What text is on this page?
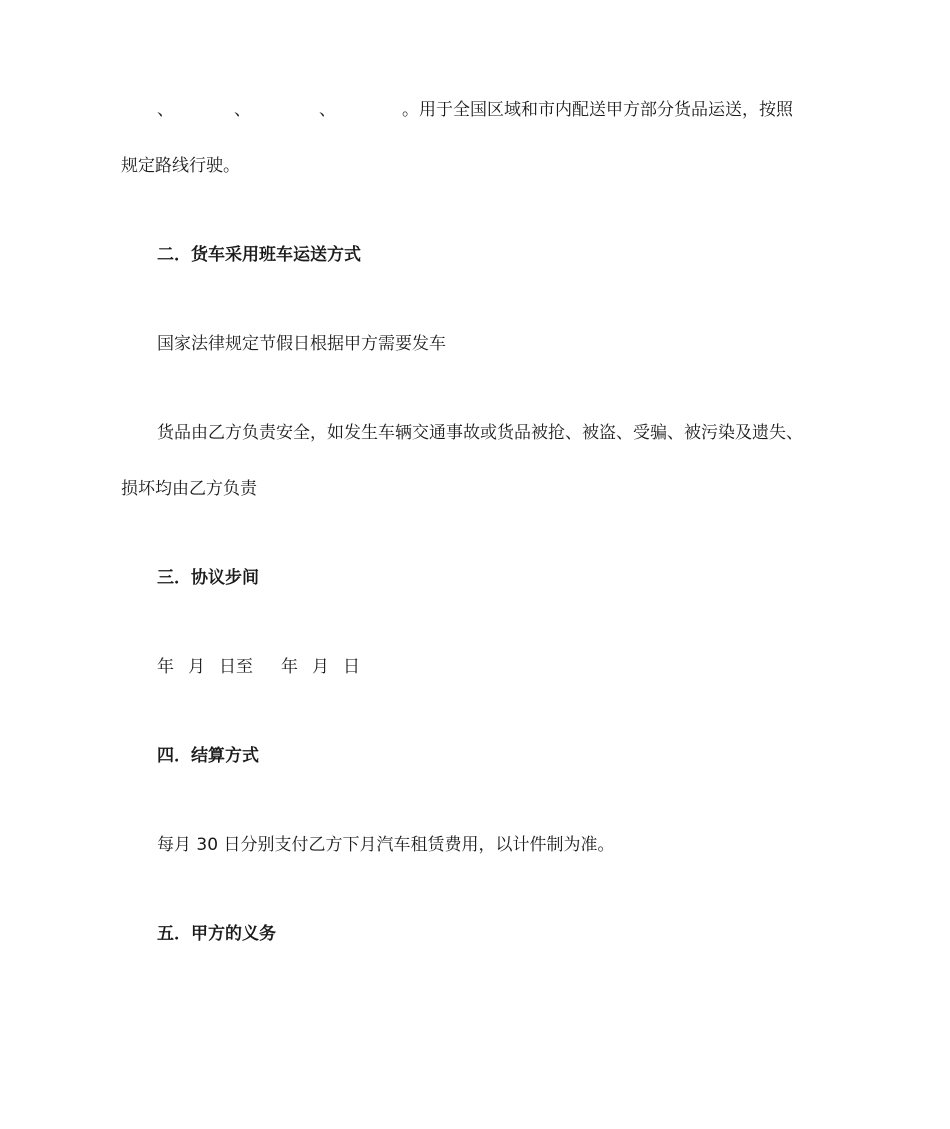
、	、	、	。用于全国区域和市内配送甲方部分货品运送，按照
规定路线行驶。
二．货车采用班车运送方式
国家法律规定节假日根据甲方需要发车
货品由乙方负责安全，如发生车辆交通事故或货品被抢、被盗、受骗、被污染及遗失、
损坏均由乙方负责
三．协议步间
年 月 日至 年 月 日
四．结算方式
每月 30 日分别支付乙方下月汽车租赁费用，以计件制为准。
五．甲方的义务
